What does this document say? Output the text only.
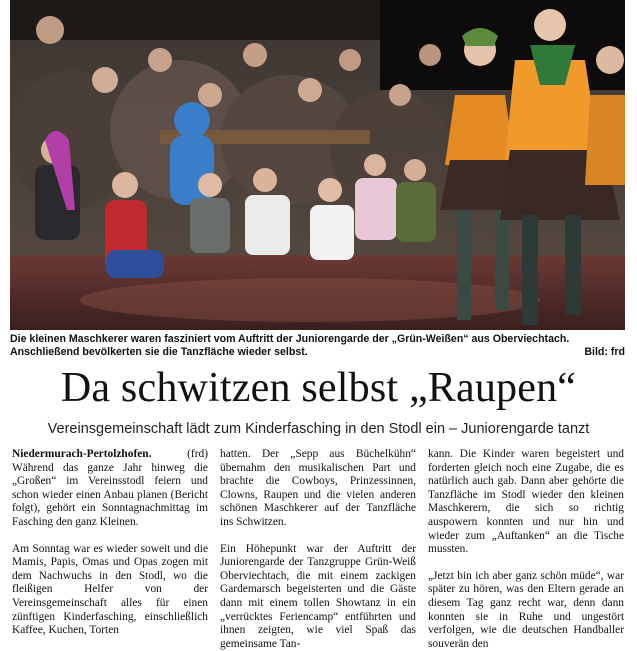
Die kleinen Maschkerer waren fasziniert vom Auftritt der Juniorengarde der „Grün-Weißen“ aus Oberviechtach.
Anschließend bevölkerten sie die Tanzfläche wieder selbst.	Bild: frd
Da schwitzen selbst „Raupen“
Vereinsgemeinschaft lädt zum Kinderfasching in den Stodl ein – Juniorengarde tanzt

Niedermurach-Pertolzhofen.	(frd)

Während das ganze Jahr hinweg die „Großen“ im Vereinsstodl feiern und schon wieder einen Anbau planen (Bericht folgt), gehört ein Sonntagnachmittag im Fasching den ganz Kleinen.

Am Sonntag war es wieder soweit und die Mamis, Papis, Omas und Opas zogen mit dem Nachwuchs in den Stodl, wo die fleißigen Helfer von der Vereinsgemeinschaft alles für einen zünftigen Kinderfasching, einschließlich Kaffee, Kuchen, Torten

hatten. Der „Sepp aus Büchelkühn“ übernahm den musikalischen Part und brachte die Cowboys, Prinzessinnen, Clowns, Raupen und die vielen anderen schönen Maschkerer auf der Tanzfläche ins Schwitzen.

Ein Höhepunkt war der Auftritt der Juniorengarde der Tanzgruppe Grün-Weiß Oberviechtach, die mit einem zackigen Gardemarsch begeisterten und die Gäste dann mit einem tollen Showtanz in ein „verrücktes Feriencamp“ entführten und ihnen zeigten, wie viel Spaß das gemeinsame Tan-

kann. Die Kinder waren begeistert und forderten gleich noch eine Zugabe, die es natürlich auch gab. Dann aber gehörte die Tanzfläche im Stodl wieder den kleinen Maschkerern, die sich so richtig auspowern konnten und nur hin und wieder zum „Auftanken“ an die Tische mussten.

„Jetzt bin ich aber ganz schön müde“, war später zu hören, was den Eltern gerade an diesem Tag ganz recht war, denn dann konnten sie in Ruhe und ungestört verfolgen, wie die deutschen Handballer souverän den
